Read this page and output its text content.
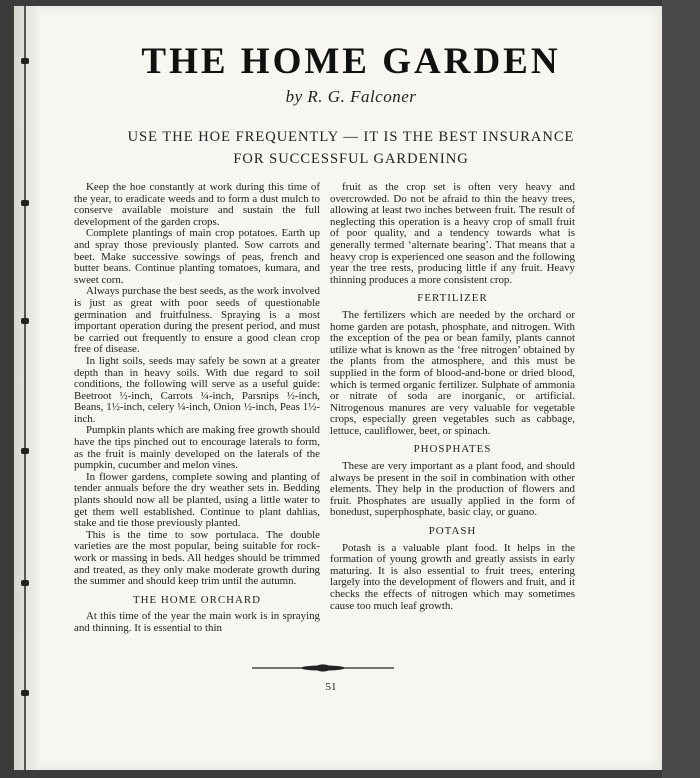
THE HOME GARDEN
by R. G. Falconer
USE THE HOE FREQUENTLY — IT IS THE BEST INSURANCE
FOR SUCCESSFUL GARDENING

Keep the hoe constantly at work during this time of the year, to eradicate weeds and to form a dust mulch to conserve available moisture and sustain the full development of the garden crops.

Complete plantings of main crop potatoes. Earth up and spray those previously planted. Sow carrots and beet. Make successive sowings of peas, french and butter beans. Continue planting tomatoes, kumara, and sweet corn.

Always purchase the best seeds, as the work involved is just as great with poor seeds of questionable germination and fruitfulness. Spraying is a most important operation during the present period, and must be carried out frequently to ensure a good clean crop free of disease.

In light soils, seeds may safely be sown at a greater depth than in heavy soils. With due regard to soil conditions, the following will serve as a useful guide: Beetroot ½-inch, Carrots ¼-inch, Parsnips ½-inch, Beans, 1½-inch, celery ¼-inch, Onion ½-inch, Peas 1½-inch.

Pumpkin plants which are making free growth should have the tips pinched out to encourage laterals to form, as the fruit is mainly developed on the laterals of the pumpkin, cucumber and melon vines.

In flower gardens, complete sowing and planting of tender annuals before the dry weather sets in. Bedding plants should now all be planted, using a little water to get them well established. Continue to plant dahlias, stake and tie those previously planted.

This is the time to sow portulaca. The double varieties are the most popular, being suitable for rock-work or massing in beds. All hedges should be trimmed and treated, as they only make moderate growth during the summer and should keep trim until the autumn.

THE HOME ORCHARD

At this time of the year the main work is in spraying and thinning. It is essential to thin

fruit as the crop set is often very heavy and overcrowded. Do not be afraid to thin the heavy trees, allowing at least two inches between fruit. The result of neglecting this operation is a heavy crop of small fruit of poor quality, and a tendency towards what is generally termed ‘alternate bearing’. That means that a heavy crop is experienced one season and the following year the tree rests, producing little if any fruit. Heavy thinning produces a more consistent crop.

FERTILIZER

The fertilizers which are needed by the orchard or home garden are potash, phosphate, and nitrogen. With the exception of the pea or bean family, plants cannot utilize what is known as the ‘free nitrogen’ obtained by the plants from the atmosphere, and this must be supplied in the form of blood-and-bone or dried blood, which is termed organic fertilizer. Sulphate of ammonia or nitrate of soda are inorganic, or artificial. Nitrogenous manures are very valuable for vegetable crops, especially green vegetables such as cabbage, lettuce, cauliflower, beet, or spinach.

PHOSPHATES

These are very important as a plant food, and should always be present in the soil in combination with other elements. They help in the production of flowers and fruit. Phosphates are usually applied in the form of bonedust, superphosphate, basic clay, or guano.

POTASH

Potash is a valuable plant food. It helps in the formation of young growth and greatly assists in early maturing. It is also essential to fruit trees, entering largely into the development of flowers and fruit, and it checks the effects of nitrogen which may sometimes cause too much leaf growth.

51
